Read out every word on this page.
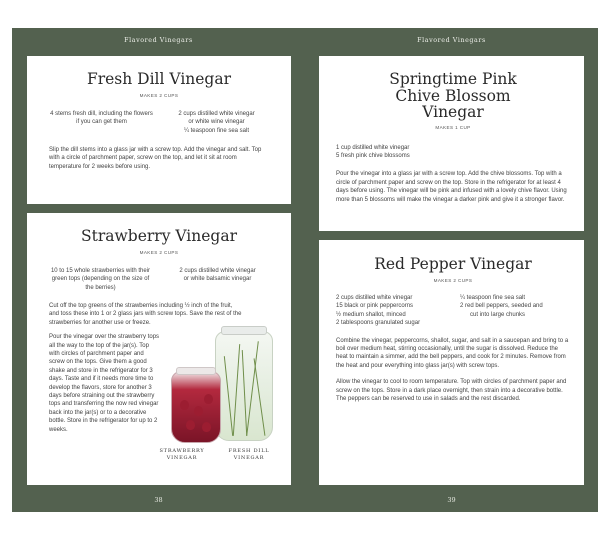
Flavored Vinegars
Fresh Dill Vinegar
MAKES 2 CUPS
4 stems fresh dill, including the flowers if you can get them
2 cups distilled white vinegar
or white wine vinegar
¼ teaspoon fine sea salt
Slip the dill stems into a glass jar with a screw top. Add the vinegar and salt. Top with a circle of parchment paper, screw on the top, and let it sit at room temperature for 2 weeks before using.
Strawberry Vinegar
MAKES 2 CUPS
10 to 15 whole strawberries with their green tops (depending on the size of the berries)
2 cups distilled white vinegar
or white balsamic vinegar
Cut off the top greens of the strawberries including ½ inch of the fruit, and toss these into 1 or 2 glass jars with screw tops. Save the rest of the strawberries for another use or freeze.
Pour the vinegar over the strawberry tops all the way to the top of the jar(s). Top with circles of parchment paper and screw on the tops. Give them a good shake and store in the refrigerator for 3 days. Taste and if it needs more time to develop the flavors, store for another 3 days before straining out the strawberry tops and transferring the now red vinegar back into the jar(s) or to a decorative bottle. Store in the refrigerator for up to 2 weeks.
STRAWBERRY VINEGAR
FRESH DILL VINEGAR
38
Flavored Vinegars
Springtime Pink Chive Blossom Vinegar
MAKES 1 CUP
1 cup distilled white vinegar
5 fresh pink chive blossoms
Pour the vinegar into a glass jar with a screw top. Add the chive blossoms. Top with a circle of parchment paper and screw on the top. Store in the refrigerator for at least 4 days before using. The vinegar will be pink and infused with a lovely chive flavor. Using more than 5 blossoms will make the vinegar a darker pink and give it a stronger flavor.
Red Pepper Vinegar
MAKES 2 CUPS
2 cups distilled white vinegar
15 black or pink peppercorns
½ medium shallot, minced
2 tablespoons granulated sugar
¼ teaspoon fine sea salt
2 red bell peppers, seeded and
cut into large chunks
Combine the vinegar, peppercorns, shallot, sugar, and salt in a saucepan and bring to a boil over medium heat, stirring occasionally, until the sugar is dissolved. Reduce the heat to maintain a simmer, add the bell peppers, and cook for 2 minutes. Remove from the heat and pour everything into glass jar(s) with screw tops.
Allow the vinegar to cool to room temperature. Top with circles of parchment paper and screw on the tops. Store in a dark place overnight, then strain into a decorative bottle. The peppers can be reserved to use in salads and the rest discarded.
39
